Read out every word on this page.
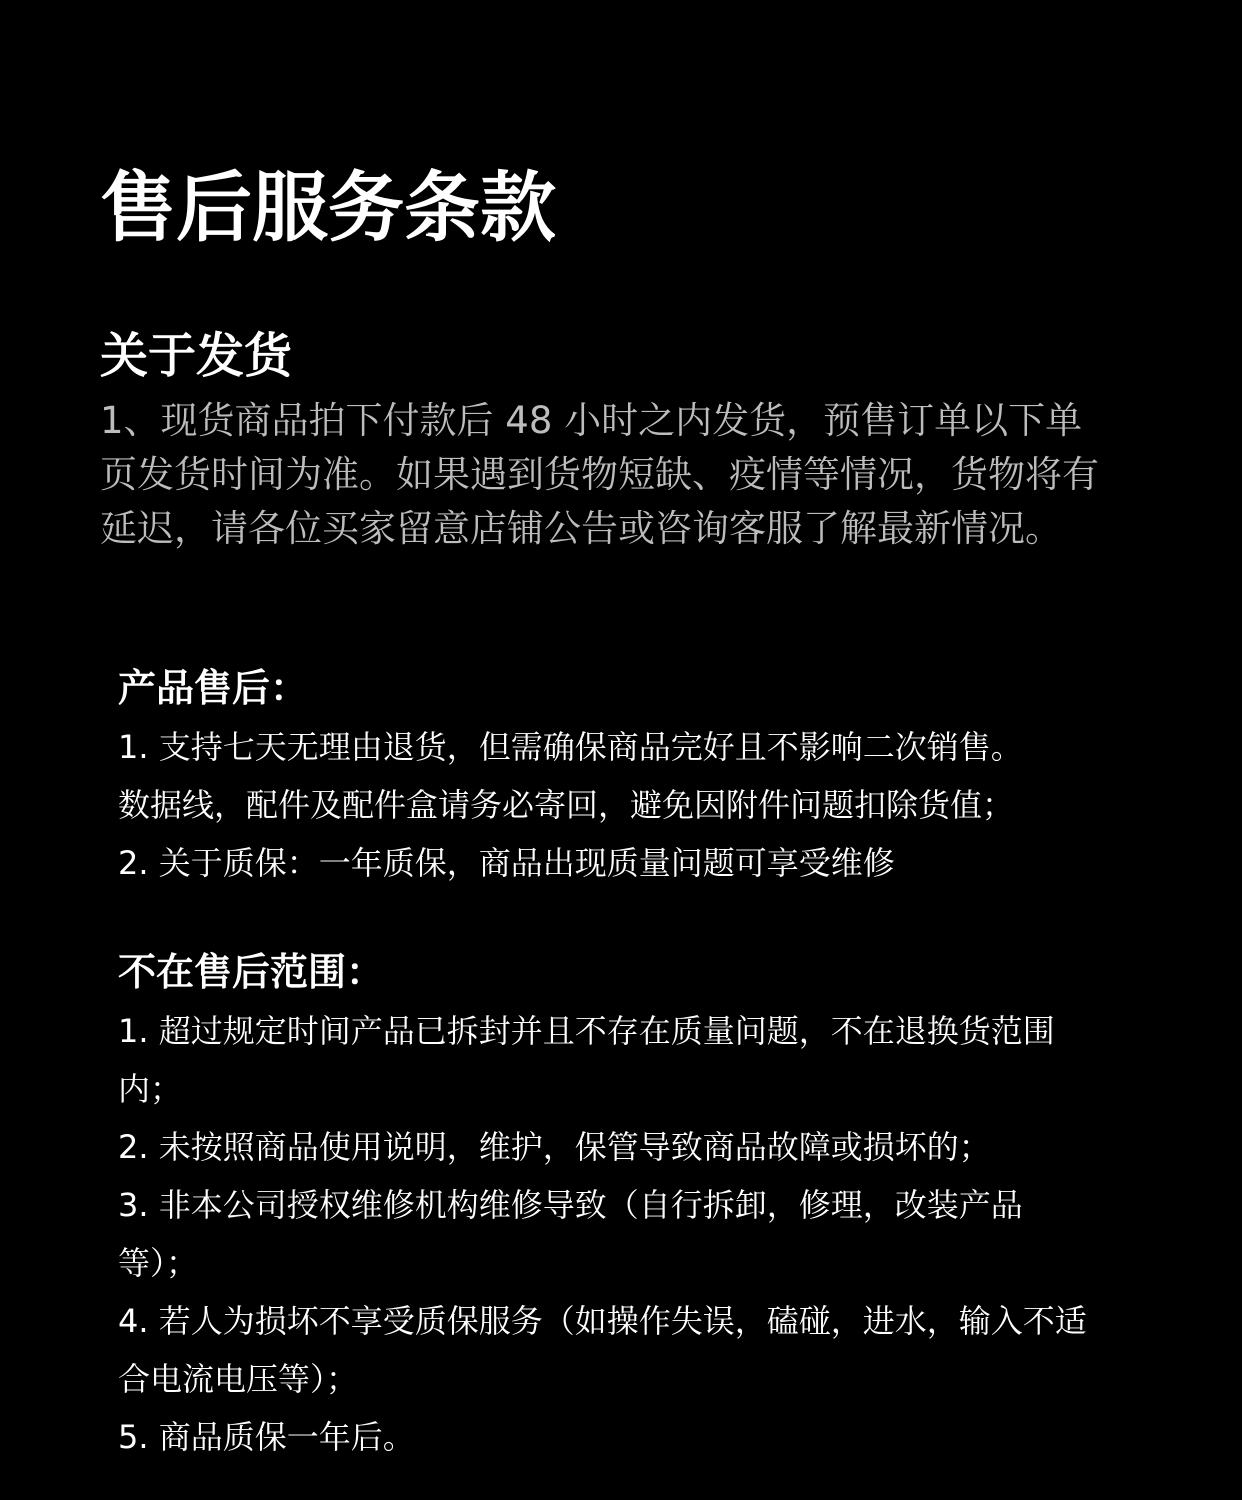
售后服务条款
关于发货
1、现货商品拍下付款后 48 小时之内发货，预售订单以下单
页发货时间为准。如果遇到货物短缺、疫情等情况，货物将有
延迟，请各位买家留意店铺公告或咨询客服了解最新情况。
产品售后：

1. 支持七天无理由退货，但需确保商品完好且不影响二次销售。

数据线，配件及配件盒请务必寄回，避免因附件问题扣除货值；

2. 关于质保：一年质保，商品出现质量问题可享受维修

不在售后范围：

1. 超过规定时间产品已拆封并且不存在质量问题，不在退换货范围

内；

2. 未按照商品使用说明，维护，保管导致商品故障或损坏的；

3. 非本公司授权维修机构维修导致（自行拆卸，修理，改装产品

等）；

4. 若人为损坏不享受质保服务（如操作失误，磕碰，进水，输入不适

合电流电压等）；

5. 商品质保一年后。
